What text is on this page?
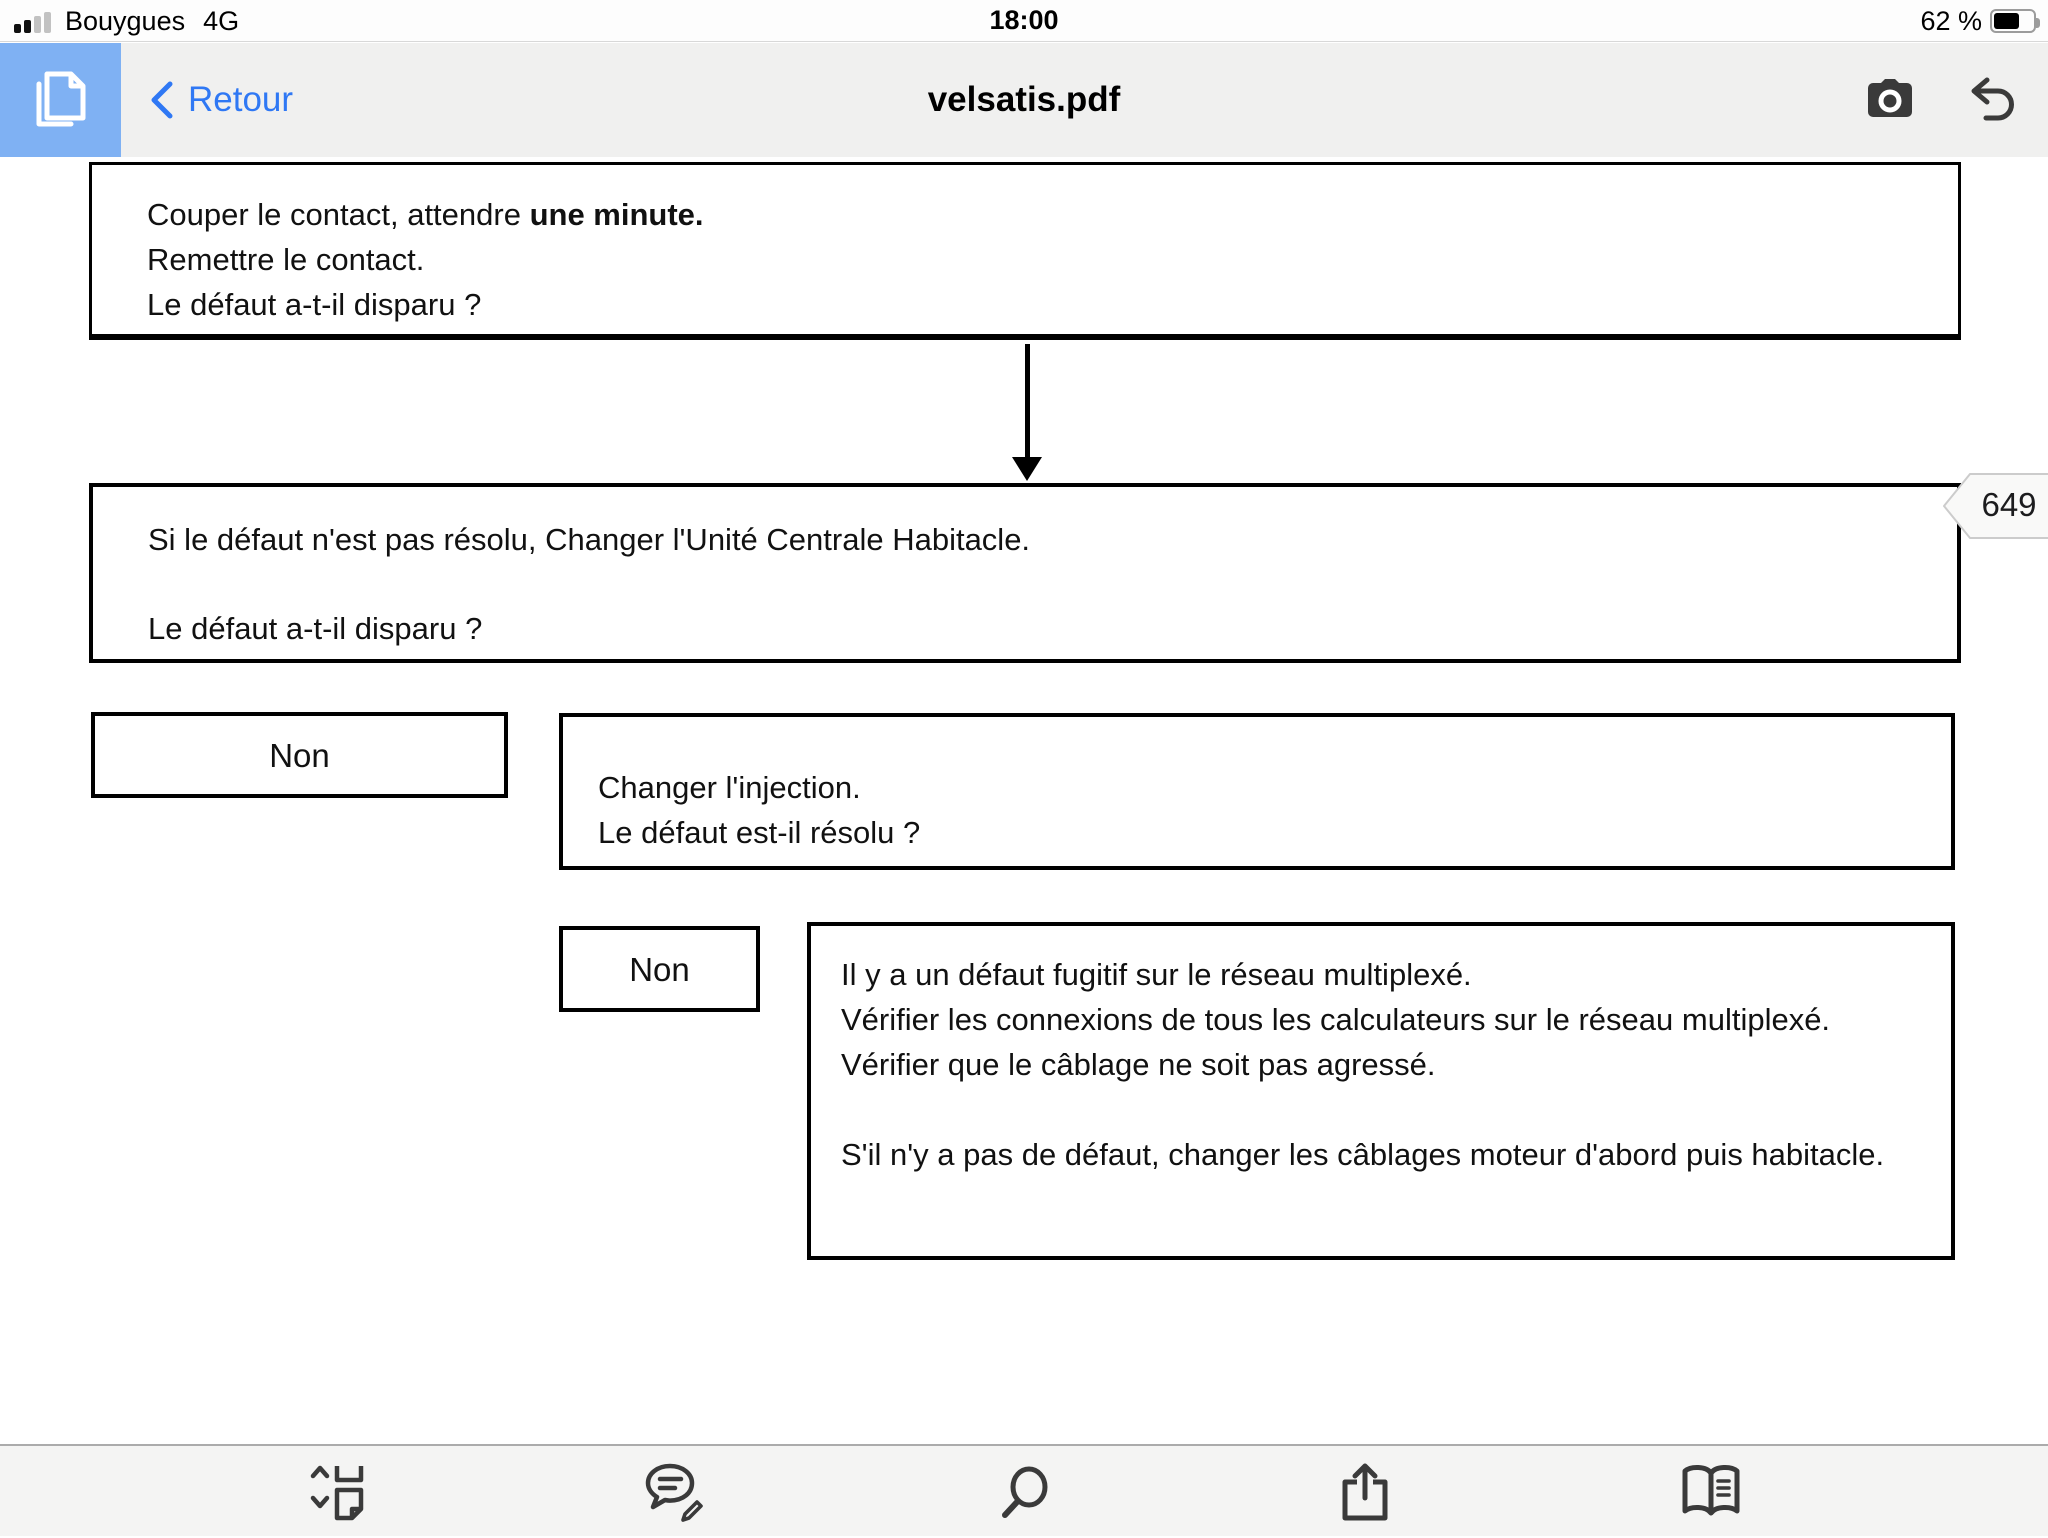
Bouygues 4G	18:00	62 %
Retour	velsatis.pdf
Couper le contact, attendre une minute.
Remettre le contact.
Le défaut a-t-il disparu ?
Si le défaut n'est pas résolu, Changer l'Unité Centrale Habitacle.
Le défaut a-t-il disparu ?
649
Non
Changer l'injection.
Le défaut est-il résolu ?
Non	Il y a un défaut fugitif sur le réseau multiplexé.
Vérifier les connexions de tous les calculateurs sur le réseau multiplexé.
Vérifier que le câblage ne soit pas agressé.
S'il n'y a pas de défaut, changer les câblages moteur d'abord puis habitacle.
